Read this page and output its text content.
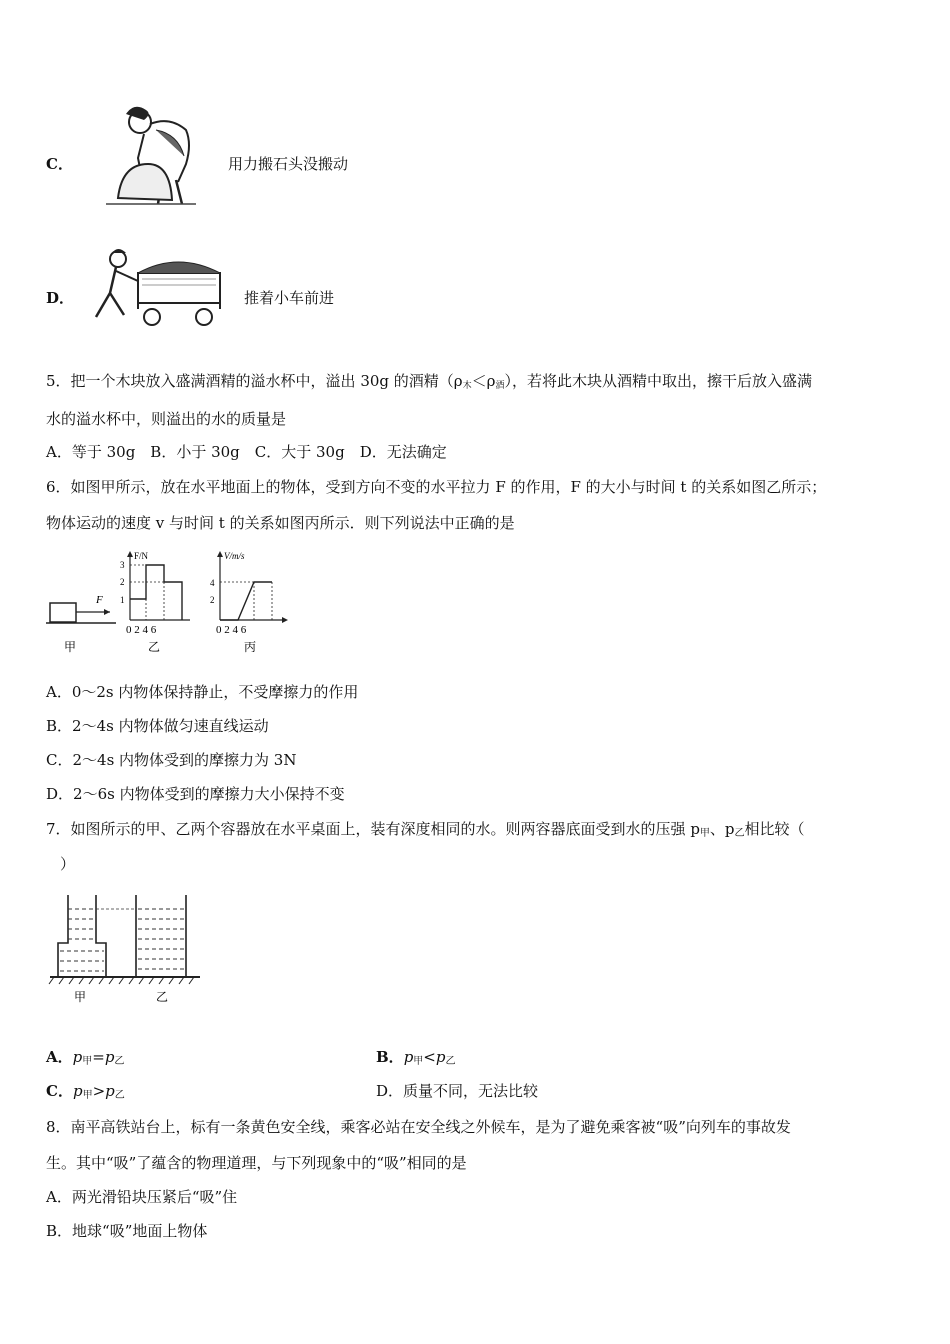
C．	用力搬石头没搬动
D．	推着小车前进
5．把一个木块放入盛满酒精的溢水杯中，溢出 30g 的酒精$(\rho_木<\rho_酒)$，若将此木块从酒精中取出，擦干后放入盛满
水的溢水杯中，则溢出的水的质量是
A．等于 30g　B．小于 30g　C．大于 30g　D．无法确定
6．如图甲所示，放在水平地面上的物体，受到方向不变的水平拉力 F 的作用，F 的大小与时间 t 的关系如图乙所示；
物体运动的速度 v 与时间 t 的关系如图丙所示．则下列说法中正确的是
F
甲
F/N
3
2
1
0 2 4 6
乙
V/m/s
4
2
0 2 4 6
丙
A．0～2s 内物体保持静止，不受摩擦力的作用
B．2～4s 内物体做匀速直线运动
C．2～4s 内物体受到的摩擦力为 3N
D．2～6s 内物体受到的摩擦力大小保持不变
7．如图所示的甲、乙两个容器放在水平桌面上，装有深度相同的水。则两容器底面受到水的压强 p甲、p乙相比较（
）
甲	乙
A．p甲=p乙	B．p甲<p乙
C．p甲>p乙	D．质量不同，无法比较
8．南平高铁站台上，标有一条黄色安全线，乘客必站在安全线之外候车，是为了避免乘客被“吸”向列车的事故发
生。其中“吸”了蕴含的物理道理，与下列现象中的“吸”相同的是
A．两光滑铅块压紧后“吸”住
B．地球“吸”地面上物体
